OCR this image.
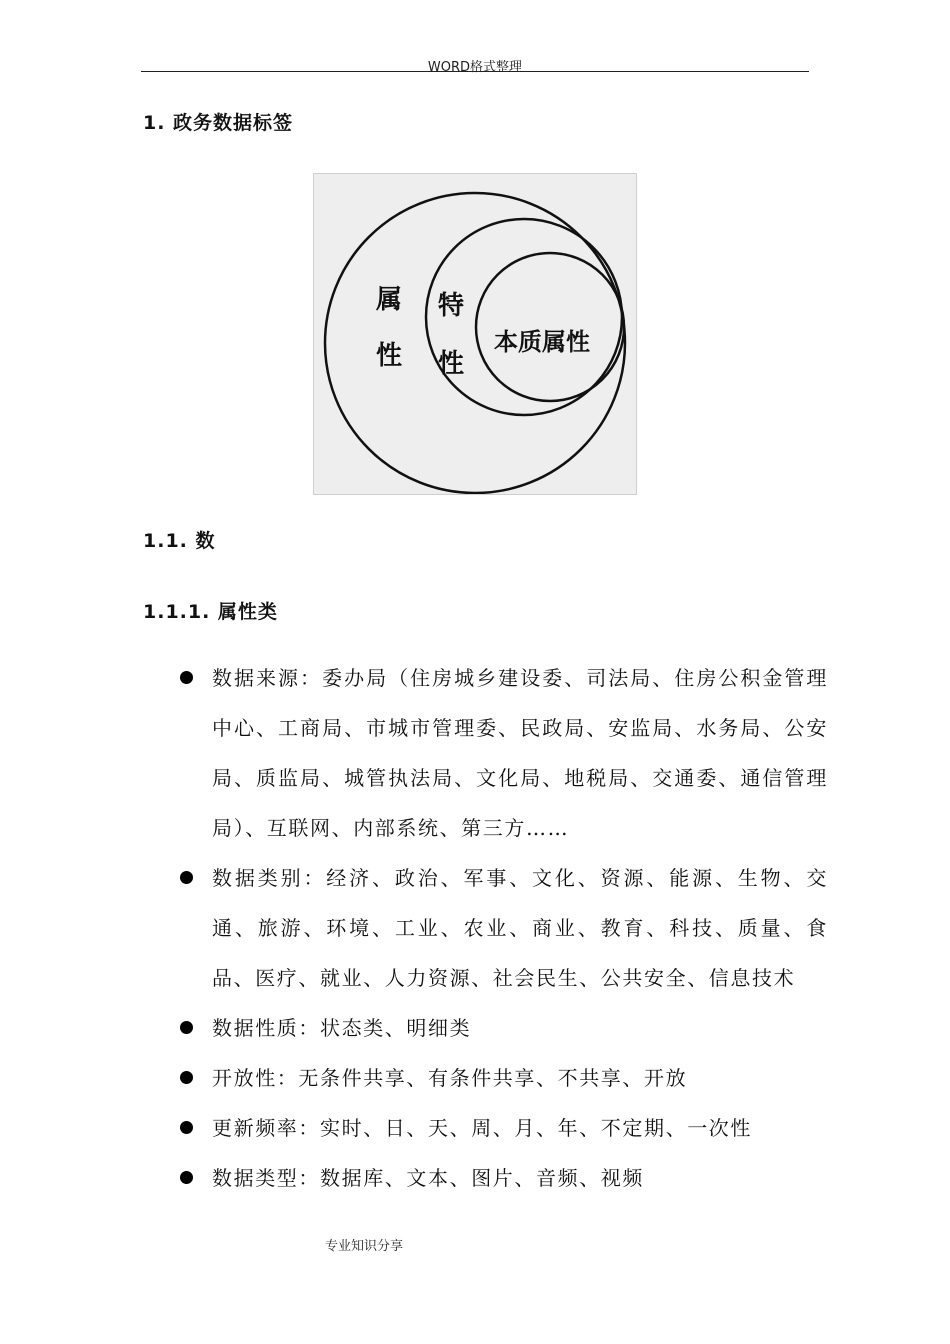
WORD格式整理
1. 政务数据标签
属
性
特
性
本质属性
1.1. 数
1.1.1. 属性类
数据来源：委办局（住房城乡建设委、司法局、住房公积金管理中心、工商局、市城市管理委、民政局、安监局、水务局、公安局、质监局、城管执法局、文化局、地税局、交通委、通信管理局）、互联网、内部系统、第三方……
数据类别：经济、政治、军事、文化、资源、能源、生物、交通、旅游、环境、工业、农业、商业、教育、科技、质量、食品、医疗、就业、人力资源、社会民生、公共安全、信息技术
数据性质：状态类、明细类
开放性：无条件共享、有条件共享、不共享、开放
更新频率：实时、日、天、周、月、年、不定期、一次性
数据类型：数据库、文本、图片、音频、视频
专业知识分享
